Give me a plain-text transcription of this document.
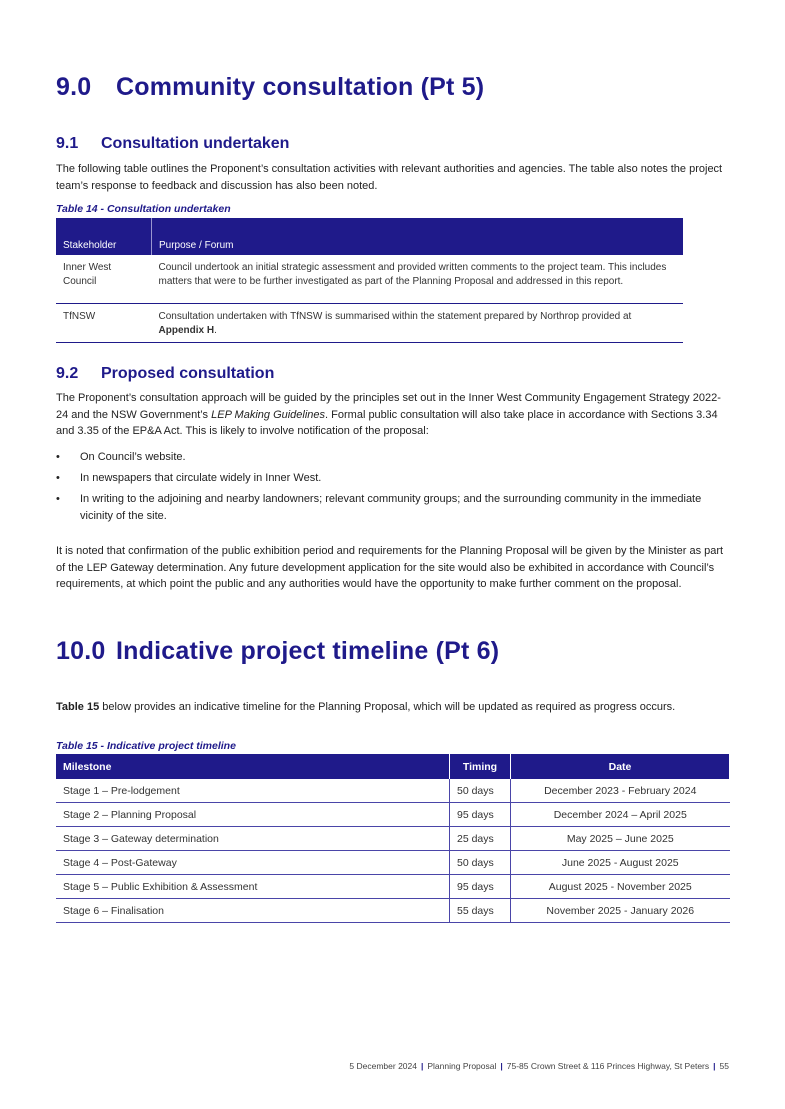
9.0 Community consultation (Pt 5)
9.1 Consultation undertaken

The following table outlines the Proponent’s consultation activities with relevant authorities and agencies. The table also notes the project team’s response to feedback and discussion has also been noted.

Table 14 - Consultation undertaken
Stakeholder	Purpose / Forum
Inner West Council	Council undertook an initial strategic assessment and provided written comments to the project team. This includes matters that were to be further investigated as part of the Planning Proposal and addressed in this report.
TfNSW	Consultation undertaken with TfNSW is summarised within the statement prepared by Northrop provided at Appendix H.
9.2 Proposed consultation

The Proponent’s consultation approach will be guided by the principles set out in the Inner West Community Engagement Strategy 2022-24 and the NSW Government’s LEP Making Guidelines. Formal public consultation will also take place in accordance with Sections 3.34 and 3.35 of the EP&A Act. This is likely to involve notification of the proposal:

• On Council’s website.
• In newspapers that circulate widely in Inner West.
• In writing to the adjoining and nearby landowners; relevant community groups; and the surrounding community in the immediate vicinity of the site.

It is noted that confirmation of the public exhibition period and requirements for the Planning Proposal will be given by the Minister as part of the LEP Gateway determination. Any future development application for the site would also be exhibited in accordance with Council’s requirements, at which point the public and any authorities would have the opportunity to make further comment on the proposal.

10.0 Indicative project timeline (Pt 6)

Table 15 below provides an indicative timeline for the Planning Proposal, which will be updated as required as progress occurs.

Table 15 - Indicative project timeline
Milestone	Timing	Date
Stage 1 – Pre-lodgement	50 days	December 2023 - February 2024
Stage 2 – Planning Proposal	95 days	December 2024 – April 2025
Stage 3 – Gateway determination	25 days	May 2025 – June 2025
Stage 4 – Post-Gateway	50 days	June 2025 - August 2025
Stage 5 – Public Exhibition & Assessment	95 days	August 2025 - November 2025
Stage 6 – Finalisation	55 days	November 2025 - January 2026
5 December 2024 | Planning Proposal | 75-85 Crown Street & 116 Princes Highway, St Peters | 55
